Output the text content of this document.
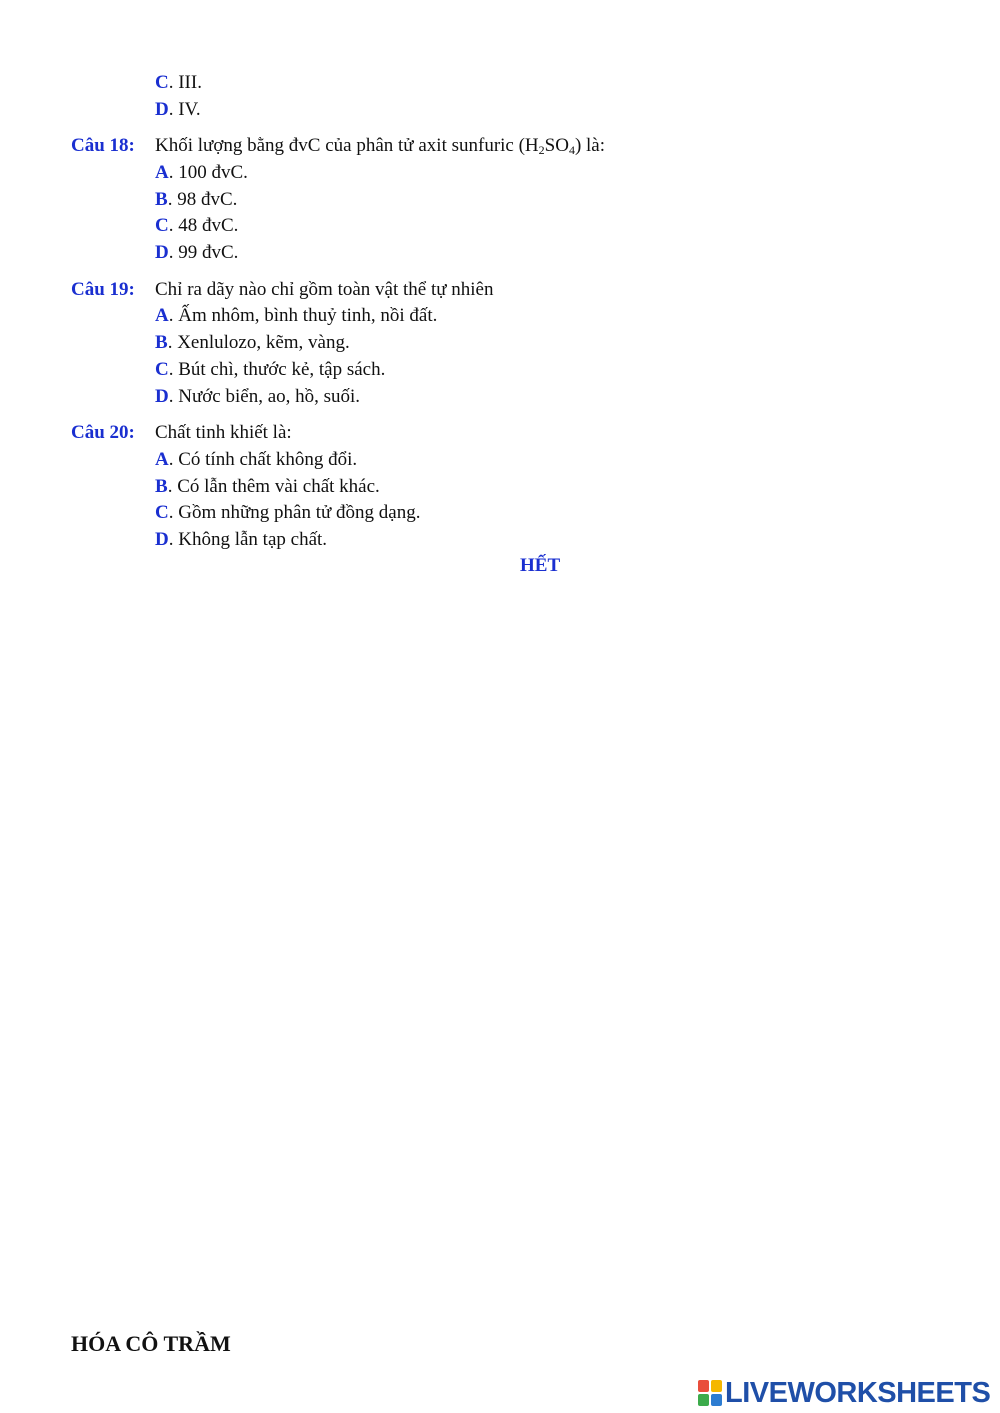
C. III.
D. IV.
Câu 18: Khối lượng bằng đvC của phân tử axit sunfuric $(H_2SO_4)$ là:
A. 100 đvC.
B. 98 đvC.
C. 48 đvC.
D. 99 đvC.
Câu 19: Chỉ ra dãy nào chỉ gồm toàn vật thể tự nhiên
A. Ấm nhôm, bình thuỷ tinh, nồi đất.
B. Xenlulozo, kẽm, vàng.
C. Bút chì, thước kẻ, tập sách.
D. Nước biển, ao, hồ, suối.
Câu 20: Chất tinh khiết là:
A. Có tính chất không đổi.
B. Có lẫn thêm vài chất khác.
C. Gồm những phân tử đồng dạng.
D. Không lẫn tạp chất.
HẾT
HÓA CÔ TRẦM
LIVEWORKSHEETS
